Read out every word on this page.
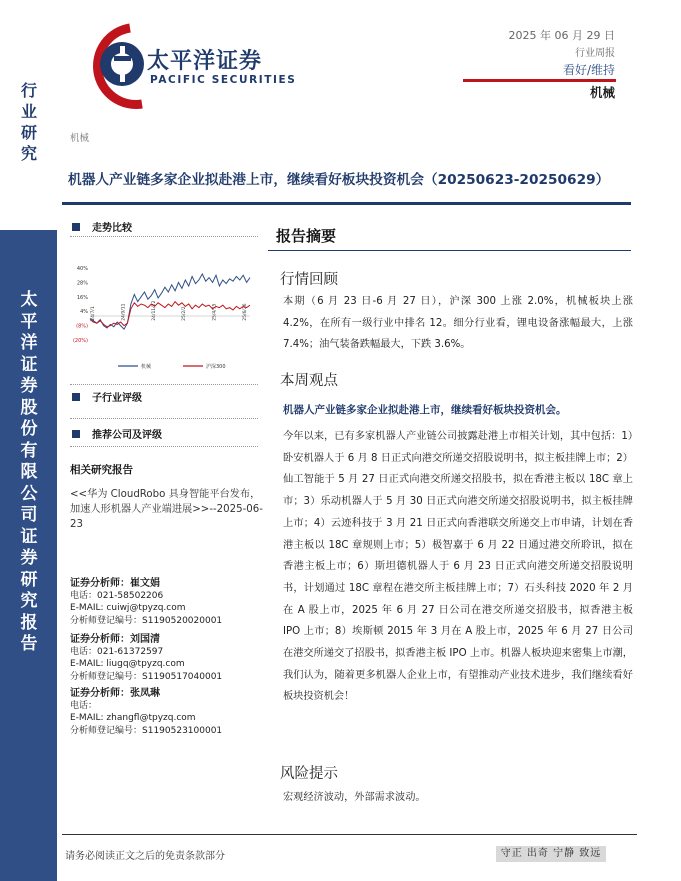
行
业
研
究
太
平
洋
证
券
股
份
有
限
公
司
证
券
研
究
报
告
太平洋证券
PACIFIC SECURITIES
2025 年 06 月 29 日
行业周报
看好/维持
机械
机械
机器人产业链多家企业拟赴港上市，继续看好板块投资机会（20250623-20250629）
走势比较
40%
28%
16%
4%
(8%)
(20%)
24/7/1	24/9/11	24/11/22	25/2/2	25/4/15	25/6/26
机械	沪深300
子行业评级
推荐公司及评级
相关研究报告
<<华为 CloudRobo 具身智能平台发布，加速人形机器人产业端进展>>--2025-06-23
证券分析师：崔文娟
电话：021-58502206
E-MAIL: cuiwj@tpyzq.com
分析师登记编号：S1190520020001
证券分析师：刘国清
电话：021-61372597
E-MAIL: liugq@tpyzq.com
分析师登记编号：S1190517040001
证券分析师：张凤琳
电话：
E-MAIL: zhangfl@tpyzq.com
分析师登记编号：S1190523100001
报告摘要
行情回顾
本期（6 月 23 日-6 月 27 日），沪深 300 上涨 2.0%，机械板块上涨 4.2%，在所有一级行业中排名 12。细分行业看，锂电设备涨幅最大，上涨 7.4%；油气装备跌幅最大，下跌 3.6%。
本周观点
机器人产业链多家企业拟赴港上市，继续看好板块投资机会。
今年以来，已有多家机器人产业链公司披露赴港上市相关计划，其中包括：1）卧安机器人于 6 月 8 日正式向港交所递交招股说明书，拟主板挂牌上市；2）仙工智能于 5 月 27 日正式向港交所递交招股书，拟在香港主板以 18C 章上市；3）乐动机器人于 5 月 30 日正式向港交所递交招股说明书，拟主板挂牌上市；4）云迹科技于 3 月 21 日正式向香港联交所递交上市申请，计划在香港主板以 18C 章规则上市；5）极智嘉于 6 月 22 日通过港交所聆讯，拟在香港主板上市；6）斯坦德机器人于 6 月 23 日正式向港交所递交招股说明书，计划通过 18C 章程在港交所主板挂牌上市；7）石头科技 2020 年 2 月在 A 股上市，2025 年 6 月 27 日公司在港交所递交招股书，拟香港主板 IPO 上市；8）埃斯顿 2015 年 3 月在 A 股上市，2025 年 6 月 27 日公司在港交所递交了招股书，拟香港主板 IPO 上市。机器人板块迎来密集上市潮，我们认为，随着更多机器人企业上市，有望推动产业技术进步，我们继续看好板块投资机会！
风险提示
宏观经济波动，外部需求波动。
请务必阅读正文之后的免责条款部分	守正 出奇 宁静 致远
